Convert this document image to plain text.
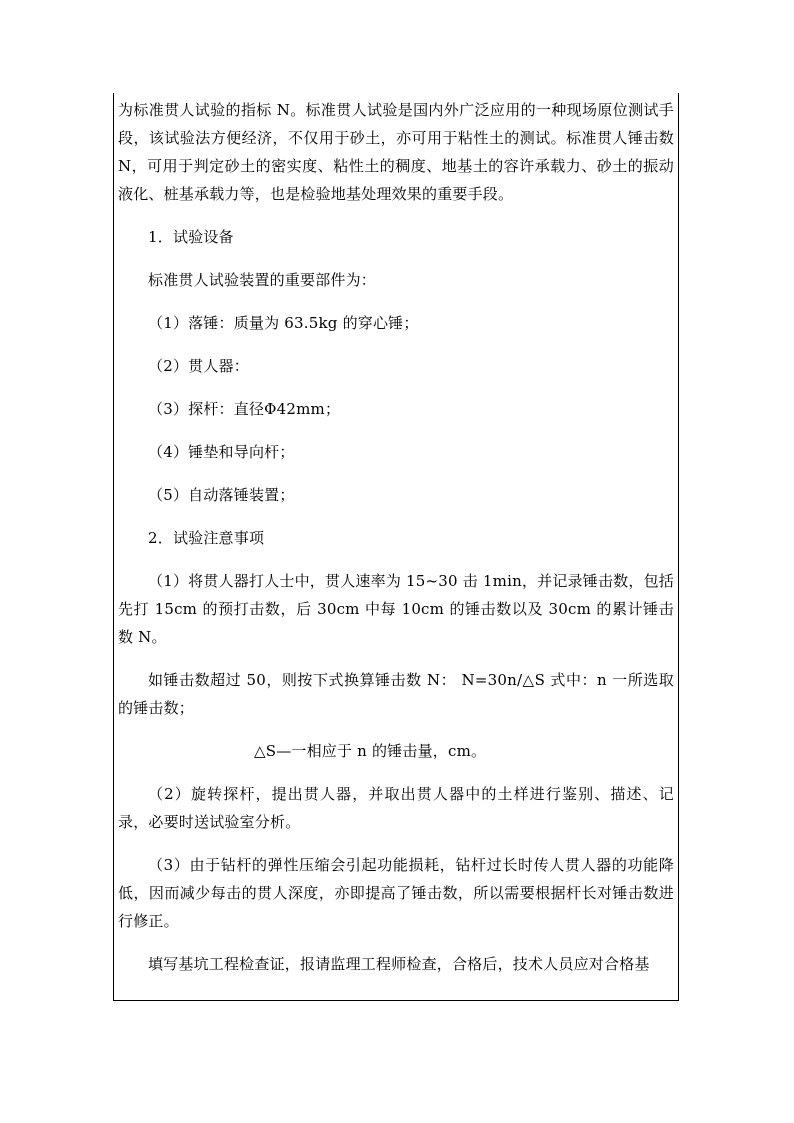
为标准贯人试验的指标 N。标准贯人试验是国内外广泛应用的一种现场原位测试手段，该试验法方便经济，不仅用于砂土，亦可用于粘性土的测试。标准贯人锤击数 N，可用于判定砂土的密实度、粘性土的稠度、地基土的容许承载力、砂土的振动液化、桩基承载力等，也是检验地基处理效果的重要手段。

1．试验设备

标准贯人试验装置的重要部件为：

（1）落锤：质量为 63.5kg 的穿心锤；

（2）贯人器：

（3）探杆：直径Φ42mm；

（4）锤垫和导向杆；

（5）自动落锤装置；

2．试验注意事项

（1）将贯人器打人士中，贯人速率为 15~30 击 1min，并记录锤击数，包括先打 15cm 的预打击数，后 30cm 中每 10cm 的锤击数以及 30cm 的累计锤击数 N。

如锤击数超过 50，则按下式换算锤击数 N： N=30n/△S 式中：n 一所选取的锤击数；

△S—一相应于 n 的锤击量，cm。

（2）旋转探杆，提出贯人器，并取出贯人器中的土样进行鉴别、描述、记录，必要时送试验室分析。

（3）由于钻杆的弹性压缩会引起功能损耗，钻杆过长时传人贯人器的功能降低，因而减少每击的贯人深度，亦即提高了锤击数，所以需要根据杆长对锤击数进行修正。

填写基坑工程检查证，报请监理工程师检查，合格后，技术人员应对合格基
